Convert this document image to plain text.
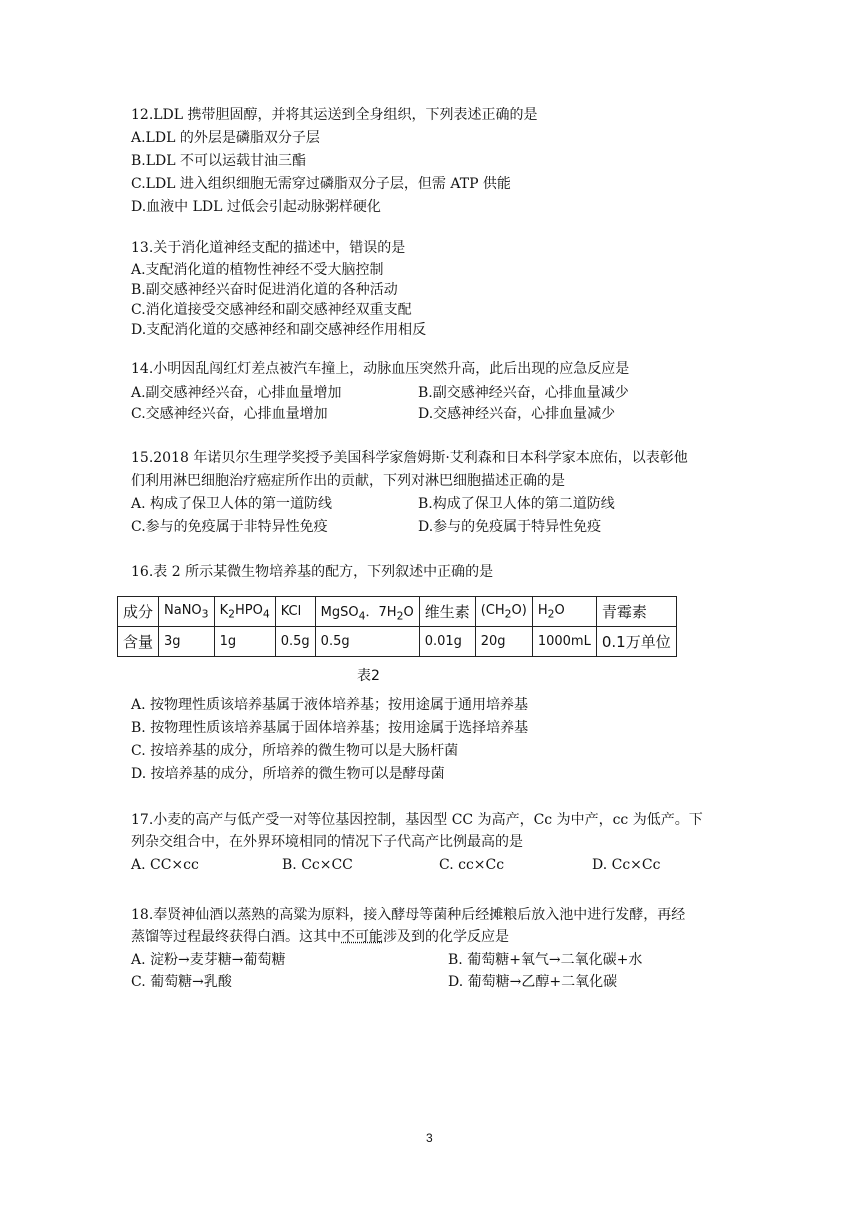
12.LDL 携带胆固醇，并将其运送到全身组织，下列表述正确的是
A.LDL 的外层是磷脂双分子层
B.LDL 不可以运载甘油三酯
C.LDL 进入组织细胞无需穿过磷脂双分子层，但需 ATP 供能
D.血液中 LDL 过低会引起动脉粥样硬化
13.关于消化道神经支配的描述中，错误的是
A.支配消化道的植物性神经不受大脑控制
B.副交感神经兴奋时促进消化道的各种活动
C.消化道接受交感神经和副交感神经双重支配
D.支配消化道的交感神经和副交感神经作用相反
14.小明因乱闯红灯差点被汽车撞上，动脉血压突然升高，此后出现的应急反应是
A.副交感神经兴奋，心排血量增加	B.副交感神经兴奋，心排血量减少
C.交感神经兴奋，心排血量增加	D.交感神经兴奋，心排血量减少
15.2018 年诺贝尔生理学奖授予美国科学家詹姆斯·艾利森和日本科学家本庶佑，以表彰他
们利用淋巴细胞治疗癌症所作出的贡献，下列对淋巴细胞描述正确的是
A. 构成了保卫人体的第一道防线	B.构成了保卫人体的第二道防线
C.参与的免疫属于非特异性免疫	D.参与的免疫属于特异性免疫
16.表 2 所示某微生物培养基的配方，下列叙述中正确的是
成分	NaNO$_3$	$K_2HPO_4$	KCl	MgSO$_4$．$7H_2O$	维生素	$(CH_2O)$	$H_2O$	青霉素
含量	3g	1g	0.5g	0.5g	0.01g	20g	1000mL	0.1万单位
表2
A. 按物理性质该培养基属于液体培养基；按用途属于通用培养基
B. 按物理性质该培养基属于固体培养基；按用途属于选择培养基
C. 按培养基的成分，所培养的微生物可以是大肠杆菌
D. 按培养基的成分，所培养的微生物可以是酵母菌
17.小麦的高产与低产受一对等位基因控制，基因型 CC 为高产，Cc 为中产，cc 为低产。下
列杂交组合中，在外界环境相同的情况下子代高产比例最高的是
A. CC×cc	B. Cc×CC	C. cc×Cc	D. Cc×Cc
18.奉贤神仙酒以蒸熟的高粱为原料，接入酵母等菌种后经摊粮后放入池中进行发酵，再经
蒸馏等过程最终获得白酒。这其中不可能涉及到的化学反应是
A. 淀粉→麦芽糖→葡萄糖	B. 葡萄糖+氧气→二氧化碳+水
C. 葡萄糖→乳酸	D. 葡萄糖→乙醇+二氧化碳
3
